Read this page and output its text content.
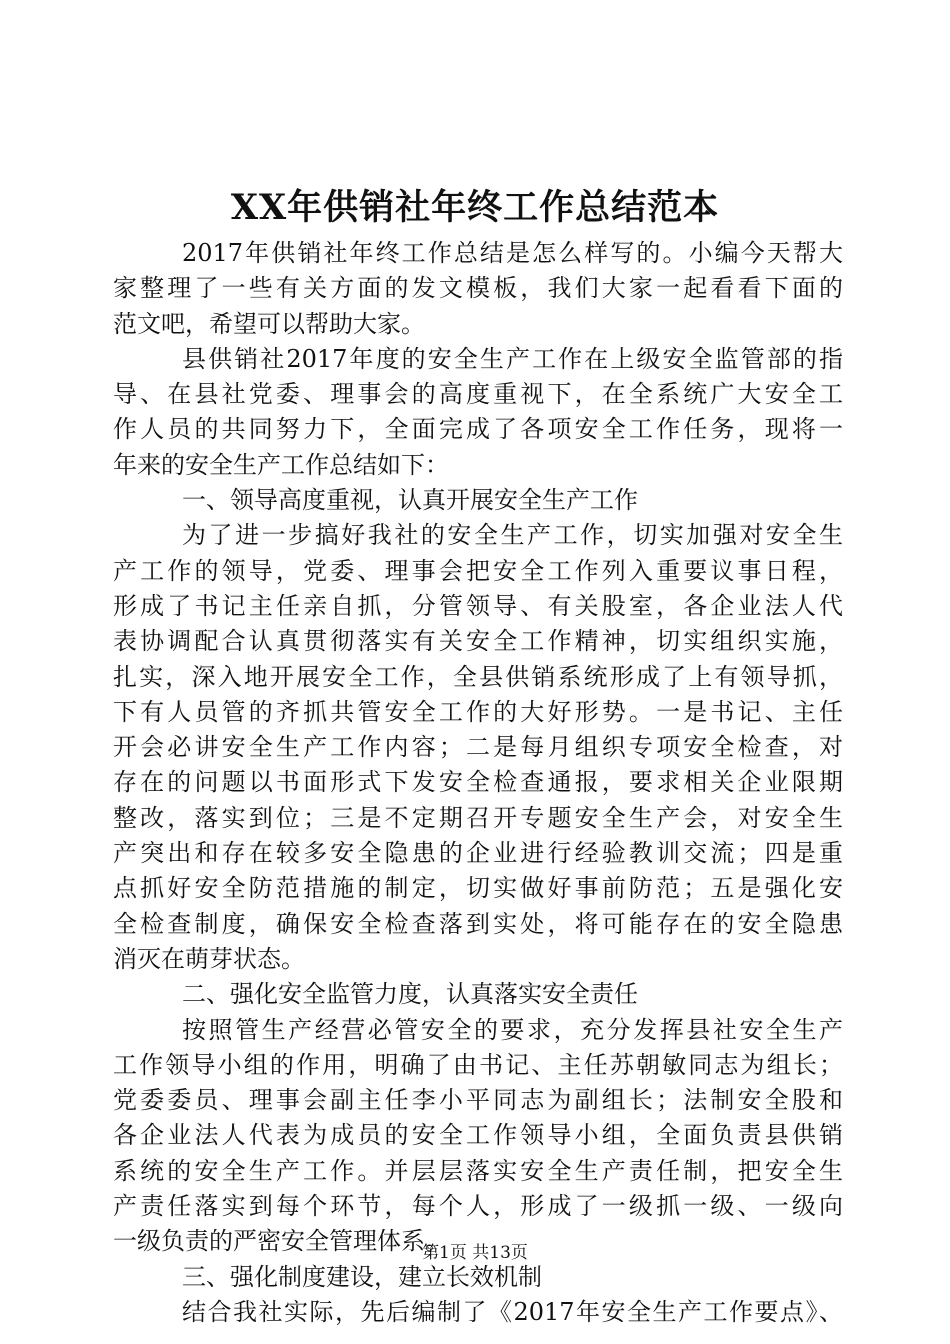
XX年供销社年终工作总结范本
2017年供销社年终工作总结是怎么样写的。小编今天帮大
家整理了一些有关方面的发文模板，我们大家一起看看下面的
范文吧，希望可以帮助大家。
县供销社2017年度的安全生产工作在上级安全监管部的指
导、在县社党委、理事会的高度重视下，在全系统广大安全工
作人员的共同努力下，全面完成了各项安全工作任务，现将一
年来的安全生产工作总结如下：
一、领导高度重视，认真开展安全生产工作
为了进一步搞好我社的安全生产工作，切实加强对安全生
产工作的领导，党委、理事会把安全工作列入重要议事日程，
形成了书记主任亲自抓，分管领导、有关股室，各企业法人代
表协调配合认真贯彻落实有关安全工作精神，切实组织实施，
扎实，深入地开展安全工作，全县供销系统形成了上有领导抓，
下有人员管的齐抓共管安全工作的大好形势。一是书记、主任
开会必讲安全生产工作内容；二是每月组织专项安全检查，对
存在的问题以书面形式下发安全检查通报，要求相关企业限期
整改，落实到位；三是不定期召开专题安全生产会，对安全生
产突出和存在较多安全隐患的企业进行经验教训交流；四是重
点抓好安全防范措施的制定，切实做好事前防范；五是强化安
全检查制度，确保安全检查落到实处，将可能存在的安全隐患
消灭在萌芽状态。
二、强化安全监管力度，认真落实安全责任
按照管生产经营必管安全的要求，充分发挥县社安全生产
工作领导小组的作用，明确了由书记、主任苏朝敏同志为组长；
党委委员、理事会副主任李小平同志为副组长；法制安全股和
各企业法人代表为成员的安全工作领导小组，全面负责县供销
系统的安全生产工作。并层层落实安全生产责任制，把安全生
产责任落实到每个环节，每个人，形成了一级抓一级、一级向
一级负责的严密安全管理体系。
三、强化制度建设，建立长效机制
结合我社实际，先后编制了《2017年安全生产工作要点》、
第1页 共13页
